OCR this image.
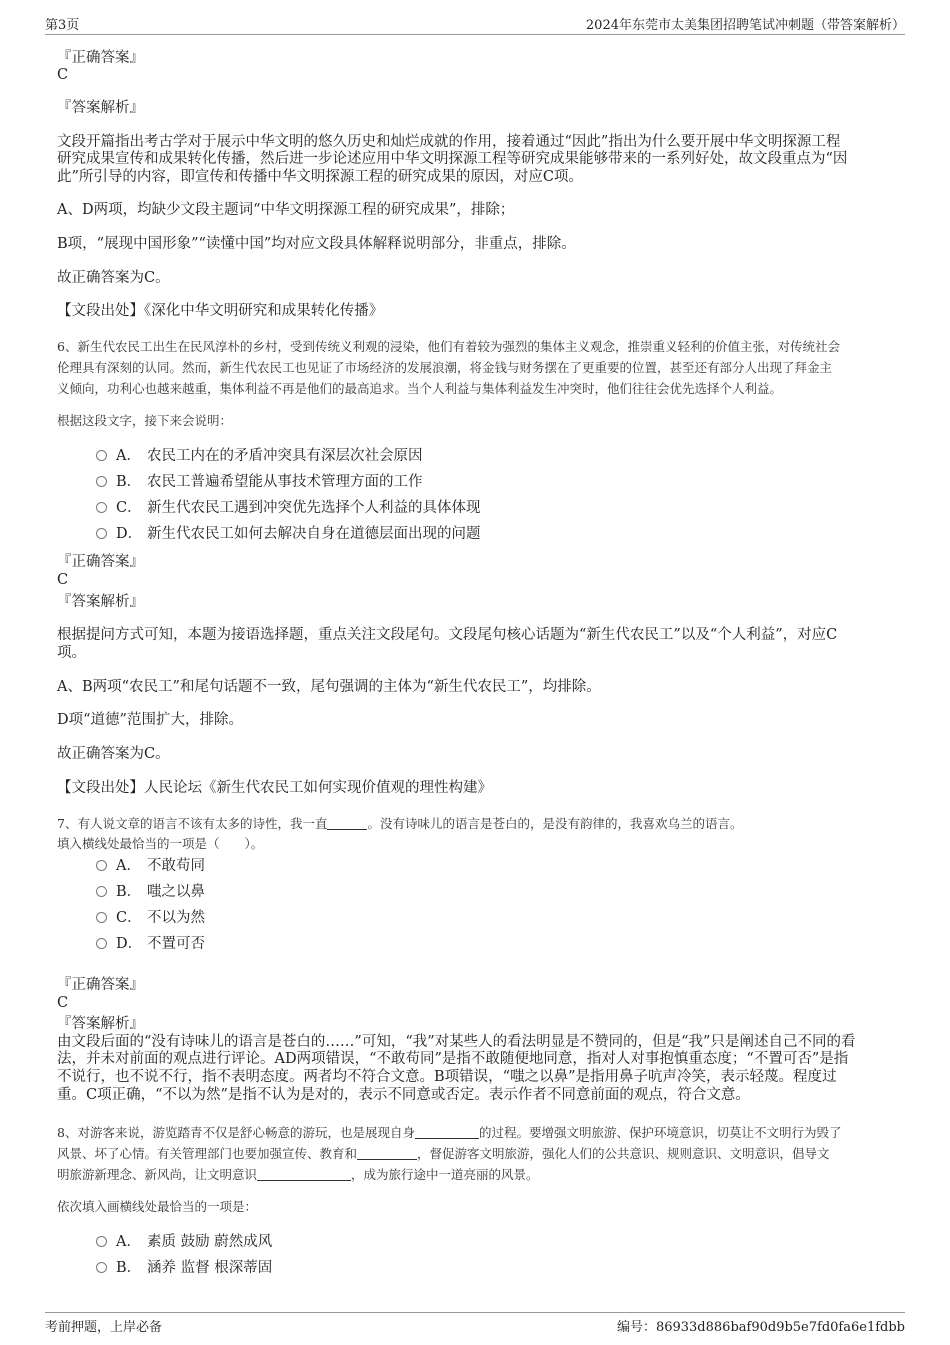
第3页	2024年东莞市太美集团招聘笔试冲刺题（带答案解析）

『正确答案』

C

『答案解析』

文段开篇指出考古学对于展示中华文明的悠久历史和灿烂成就的作用，接着通过“因此”指出为什么要开展中华文明探源工程

研究成果宣传和成果转化传播，然后进一步论述应用中华文明探源工程等研究成果能够带来的一系列好处，故文段重点为“因

此”所引导的内容，即宣传和传播中华文明探源工程的研究成果的原因，对应C项。

A、D两项，均缺少文段主题词“中华文明探源工程的研究成果”，排除；

B项，“展现中国形象”“读懂中国”均对应文段具体解释说明部分，非重点，排除。

故正确答案为C。

【文段出处】《深化中华文明研究和成果转化传播》

6、新生代农民工出生在民风淳朴的乡村，受到传统义利观的浸染，他们有着较为强烈的集体主义观念，推崇重义轻利的价值主张，对传统社会

伦理具有深刻的认同。然而，新生代农民工也见证了市场经济的发展浪潮，将金钱与财务摆在了更重要的位置，甚至还有部分人出现了拜金主

义倾向，功利心也越来越重，集体利益不再是他们的最高追求。当个人利益与集体利益发生冲突时，他们往往会优先选择个人利益。

根据这段文字，接下来会说明：

A． 农民工内在的矛盾冲突具有深层次社会原因
B． 农民工普遍希望能从事技术管理方面的工作
C． 新生代农民工遇到冲突优先选择个人利益的具体体现
D． 新生代农民工如何去解决自身在道德层面出现的问题

『正确答案』

C

『答案解析』

根据提问方式可知，本题为接语选择题，重点关注文段尾句。文段尾句核心话题为“新生代农民工”以及“个人利益”，对应C

项。

A、B两项“农民工”和尾句话题不一致，尾句强调的主体为“新生代农民工”，均排除。

D项“道德”范围扩大，排除。

故正确答案为C。

【文段出处】人民论坛《新生代农民工如何实现价值观的理性构建》

7、有人说文章的语言不该有太多的诗性，我一直	。没有诗味儿的语言是苍白的，是没有韵律的，我喜欢乌兰的语言。

填入横线处最恰当的一项是（　　）。

A． 不敢苟同
B． 嗤之以鼻
C． 不以为然
D． 不置可否

『正确答案』

C

『答案解析』

由文段后面的“没有诗味儿的语言是苍白的……”可知，“我”对某些人的看法明显是不赞同的，但是“我”只是阐述自己不同的看

法，并未对前面的观点进行评论。AD两项错误，“不敢苟同”是指不敢随便地同意，指对人对事抱慎重态度；“不置可否”是指

不说行，也不说不行，指不表明态度。两者均不符合文意。B项错误，“嗤之以鼻”是指用鼻子吭声冷笑，表示轻蔑。程度过

重。C项正确，“不以为然”是指不认为是对的，表示不同意或否定。表示作者不同意前面的观点，符合文意。

8、对游客来说，游览踏青不仅是舒心畅意的游玩，也是展现自身	的过程。要增强文明旅游、保护环境意识，切莫让不文明行为毁了

风景、坏了心情。有关管理部门也要加强宣传、教育和	，督促游客文明旅游，强化人们的公共意识、规则意识、文明意识，倡导文

明旅游新理念、新风尚，让文明意识	，成为旅行途中一道亮丽的风景。

依次填入画横线处最恰当的一项是：

A． 素质 鼓励 蔚然成风
B． 涵养 监督 根深蒂固
考前押题，上岸必备	编号：86933d886baf90d9b5e7fd0fa6e1fdbb
